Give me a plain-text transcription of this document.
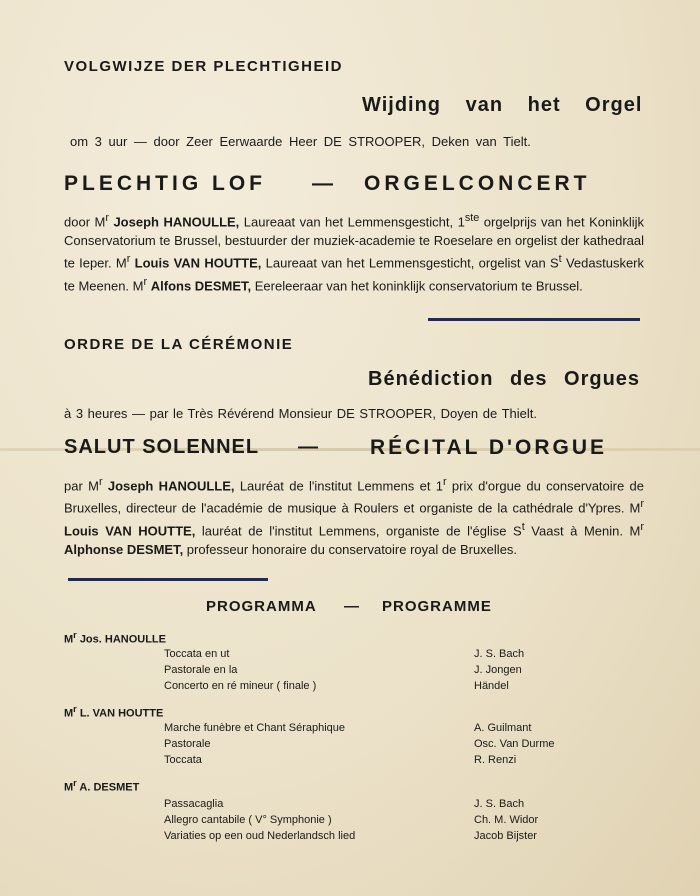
VOLGWIJZE DER PLECHTIGHEID
Wijding van het Orgel
om 3 uur — door Zeer Eerwaarde Heer DE STROOPER, Deken van Tielt.
PLECHTIG LOF — ORGELCONCERT
door $M^r$ Joseph HANOULLE, Laureaat van het Lemmensgesticht, 1ste orgelprijs van het Koninklijk Conservatorium te Brussel, bestuurder der muziek-academie te Roeselare en orgelist der kathedraal te Ieper. $M^r$ Louis VAN HOUTTE, Laureaat van het Lemmensgesticht, orgelist van $S^t$ Vedastuskerk te Meenen. $M^r$ Alfons DESMET, Eereleeraar van het koninklijk conservatorium te Brussel.
ORDRE DE LA CÉRÉMONIE
Bénédiction des Orgues
à 3 heures — par le Très Révérend Monsieur DE STROOPER, Doyen de Thielt.
SALUT SOLENNEL — RÉCITAL D'ORGUE
par $M^r$ Joseph HANOULLE, Lauréat de l'institut Lemmens et 1$^r$ prix d'orgue du conservatoire de Bruxelles, directeur de l'académie de musique à Roulers et organiste de la cathédrale d'Ypres. $M^r$ Louis VAN HOUTTE, lauréat de l'institut Lemmens, organiste de l'église $S^t$ Vaast à Menin. $M^r$ Alphonse DESMET, professeur honoraire du conservatoire royal de Bruxelles.
PROGRAMMA — PROGRAMME
$M^r$ Jos. HANOULLE
Toccata en ut	J. S. Bach
Pastorale en la	J. Jongen
Concerto en ré mineur ( finale )	Händel
$M^r$ L. VAN HOUTTE
Marche funèbre et Chant Séraphique	A. Guilmant
Pastorale	Osc. Van Durme
Toccata	R. Renzi
$M^r$ A. DESMET
Passacaglia	J. S. Bach
Allegro cantabile ( V° Symphonie )	Ch. M. Widor
Variaties op een oud Nederlandsch lied	Jacob Bijster
